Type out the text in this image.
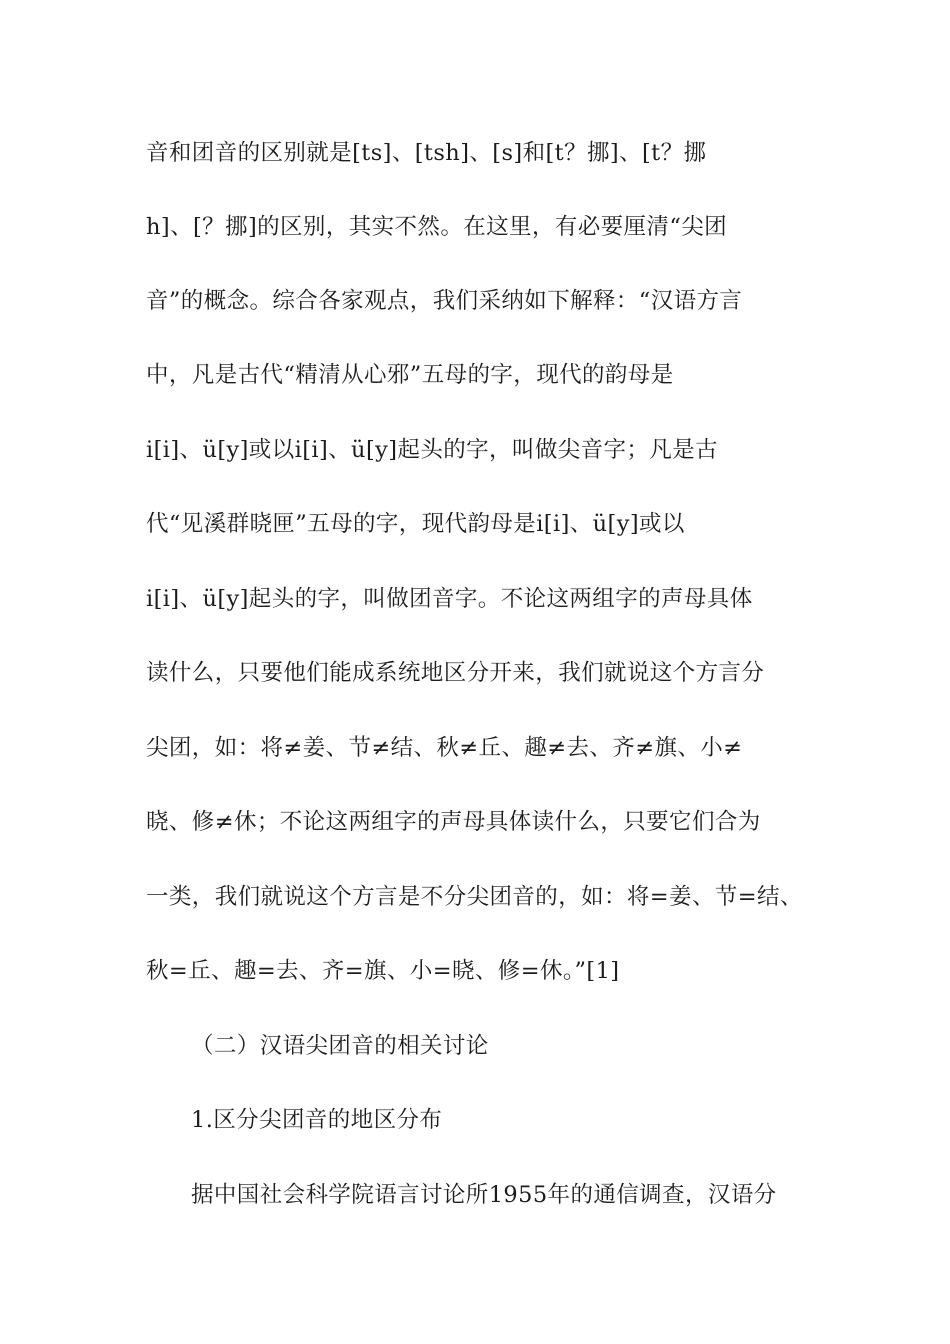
音和团音的区别就是[ts]、[tsh]、[s]和[t？挪]、[t？挪
h]、[？挪]的区别，其实不然。在这里，有必要厘清“尖团
音”的概念。综合各家观点，我们采纳如下解释：“汉语方言
中，凡是古代“精清从心邪”五母的字，现代的韵母是
i[i]、ü[y]或以i[i]、ü[y]起头的字，叫做尖音字；凡是古
代“见溪群晓匣”五母的字，现代韵母是i[i]、ü[y]或以
i[i]、ü[y]起头的字，叫做团音字。不论这两组字的声母具体
读什么，只要他们能成系统地区分开来，我们就说这个方言分
尖团，如：将≠姜、节≠结、秋≠丘、趣≠去、齐≠旗、小≠
晓、修≠休；不论这两组字的声母具体读什么，只要它们合为
一类，我们就说这个方言是不分尖团音的，如：将=姜、节=结、
秋=丘、趣=去、齐=旗、小=晓、修=休。”[1]
（二）汉语尖团音的相关讨论
1.区分尖团音的地区分布
据中国社会科学院语言讨论所1955年的通信调查，汉语分
